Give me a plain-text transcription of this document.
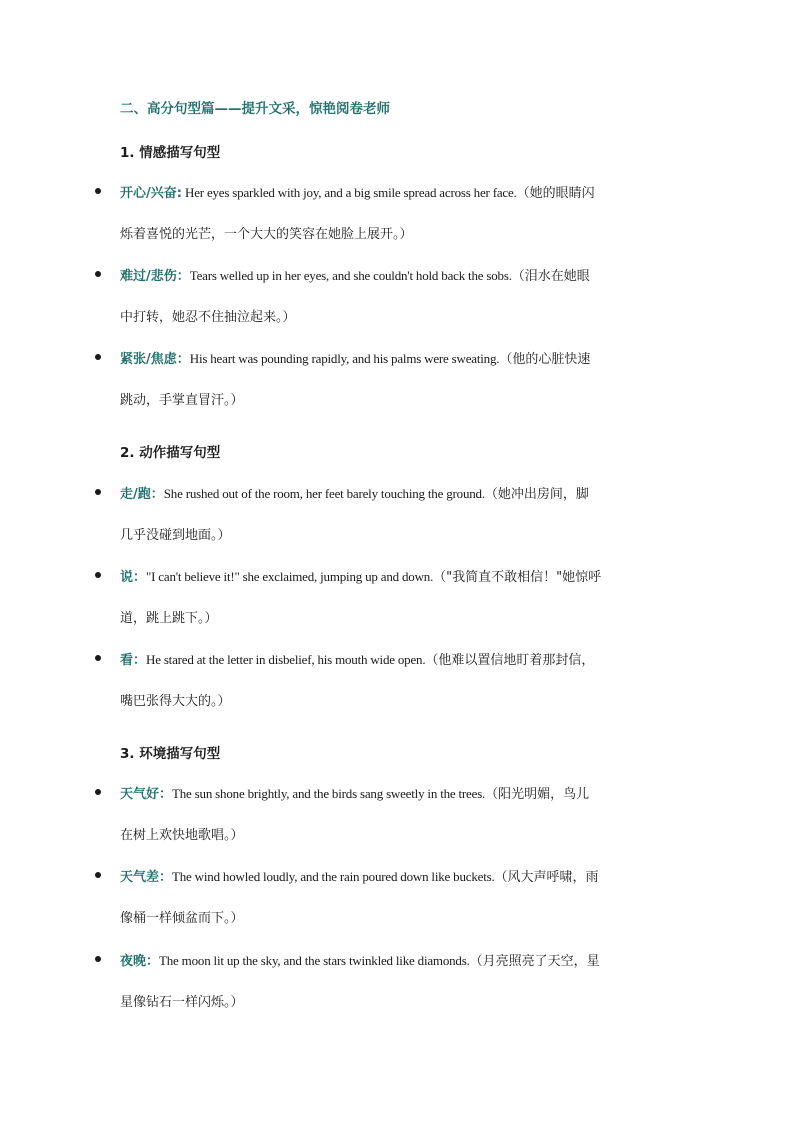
二、高分句型篇——提升文采，惊艳阅卷老师
1. 情感描写句型
开心/兴奋: Her eyes sparkled with joy, and a big smile spread across her face.（她的眼睛闪
烁着喜悦的光芒，一个大大的笑容在她脸上展开。）
难过/悲伤：Tears welled up in her eyes, and she couldn't hold back the sobs.（泪水在她眼
中打转，她忍不住抽泣起来。）
紧张/焦虑：His heart was pounding rapidly, and his palms were sweating.（他的心脏快速
跳动，手掌直冒汗。）
2. 动作描写句型
走/跑：She rushed out of the room, her feet barely touching the ground.（她冲出房间，脚
几乎没碰到地面。）
说："I can't believe it!" she exclaimed, jumping up and down.（"我简直不敢相信！"她惊呼
道，跳上跳下。）
看：He stared at the letter in disbelief, his mouth wide open.（他难以置信地盯着那封信，
嘴巴张得大大的。）
3. 环境描写句型
天气好：The sun shone brightly, and the birds sang sweetly in the trees.（阳光明媚，鸟儿
在树上欢快地歌唱。）
天气差：The wind howled loudly, and the rain poured down like buckets.（风大声呼啸，雨
像桶一样倾盆而下。）
夜晚：The moon lit up the sky, and the stars twinkled like diamonds.（月亮照亮了天空，星
星像钻石一样闪烁。）
